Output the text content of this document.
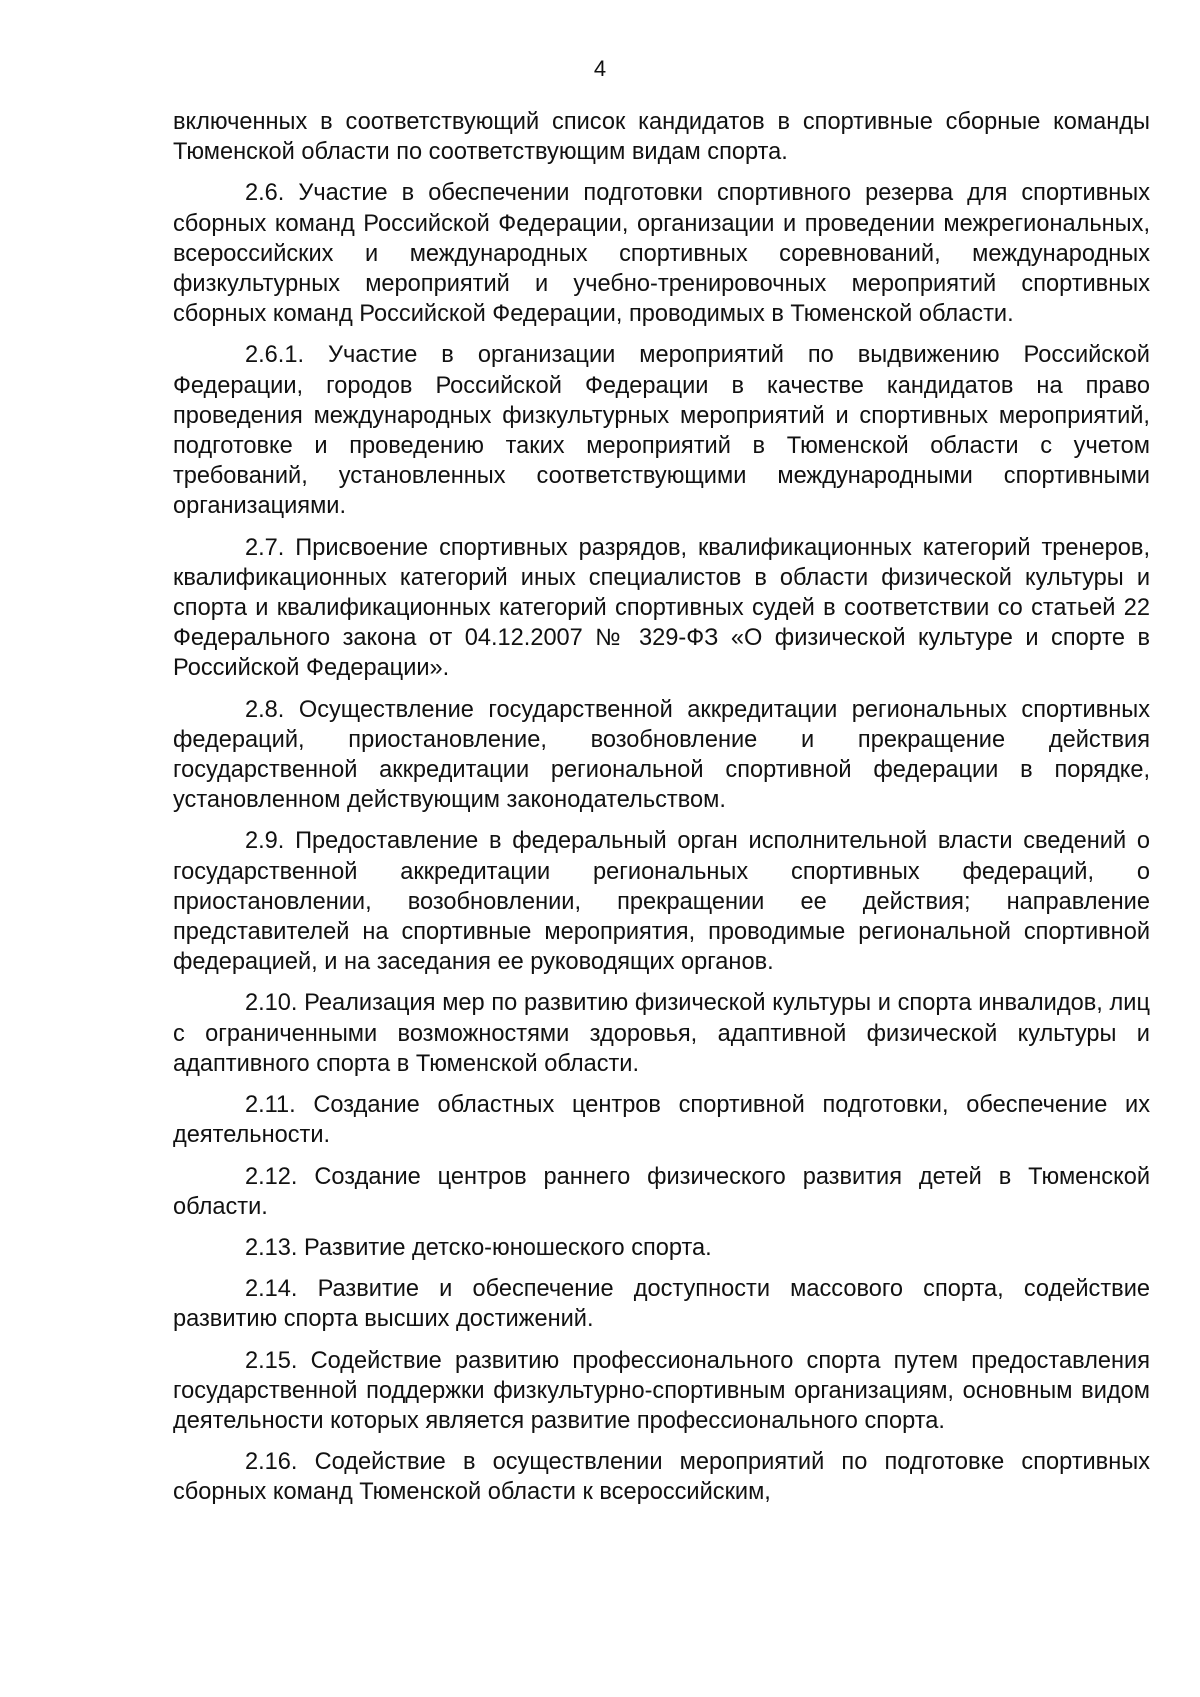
4

включенных в соответствующий список кандидатов в спортивные сборные команды Тюменской области по соответствующим видам спорта.

2.6. Участие в обеспечении подготовки спортивного резерва для спортивных сборных команд Российской Федерации, организации и проведении межрегиональных, всероссийских и международных спортивных соревнований, международных физкультурных мероприятий и учебно-тренировочных мероприятий спортивных сборных команд Российской Федерации, проводимых в Тюменской области.

2.6.1. Участие в организации мероприятий по выдвижению Российской Федерации, городов Российской Федерации в качестве кандидатов на право проведения международных физкультурных мероприятий и спортивных мероприятий, подготовке и проведению таких мероприятий в Тюменской области с учетом требований, установленных соответствующими международными спортивными организациями.

2.7. Присвоение спортивных разрядов, квалификационных категорий тренеров, квалификационных категорий иных специалистов в области физической культуры и спорта и квалификационных категорий спортивных судей в соответствии со статьей 22 Федерального закона от 04.12.2007 № 329-ФЗ «О физической культуре и спорте в Российской Федерации».

2.8. Осуществление государственной аккредитации региональных спортивных федераций, приостановление, возобновление и прекращение действия государственной аккредитации региональной спортивной федерации в порядке, установленном действующим законодательством.

2.9. Предоставление в федеральный орган исполнительной власти сведений о государственной аккредитации региональных спортивных федераций, о приостановлении, возобновлении, прекращении ее действия; направление представителей на спортивные мероприятия, проводимые региональной спортивной федерацией, и на заседания ее руководящих органов.

2.10. Реализация мер по развитию физической культуры и спорта инвалидов, лиц с ограниченными возможностями здоровья, адаптивной физической культуры и адаптивного спорта в Тюменской области.

2.11. Создание областных центров спортивной подготовки, обеспечение их деятельности.

2.12. Создание центров раннего физического развития детей в Тюменской области.

2.13. Развитие детско-юношеского спорта.

2.14. Развитие и обеспечение доступности массового спорта, содействие развитию спорта высших достижений.

2.15. Содействие развитию профессионального спорта путем предоставления государственной поддержки физкультурно-спортивным организациям, основным видом деятельности которых является развитие профессионального спорта.

2.16. Содействие в осуществлении мероприятий по подготовке спортивных сборных команд Тюменской области к всероссийским,
